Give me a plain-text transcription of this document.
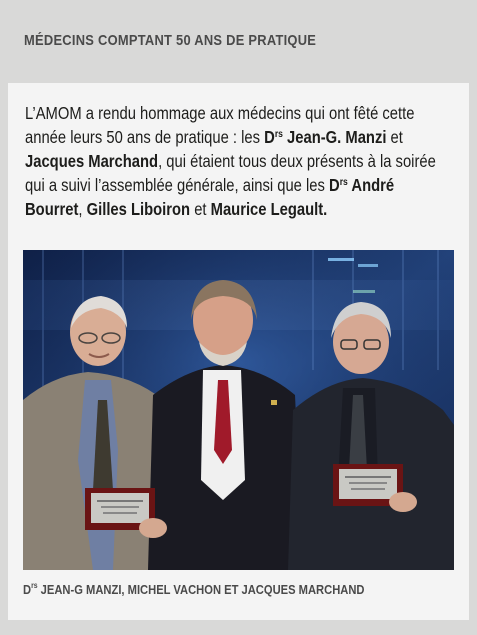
MÉDECINS COMPTANT 50 ANS DE PRATIQUE
L’AMOM a rendu hommage aux médecins qui ont fêté cette année leurs 50 ans de pratique : les $D^{rs}$ Jean-G. Manzi et Jacques Marchand, qui étaient tous deux présents à la soirée qui a suivi l’assemblée générale, ainsi que les $D^{rs}$ André Bourret, Gilles Liboiron et Maurice Legault.
$D^{rs}$ JEAN-G MANZI, MICHEL VACHON ET JACQUES MARCHAND
